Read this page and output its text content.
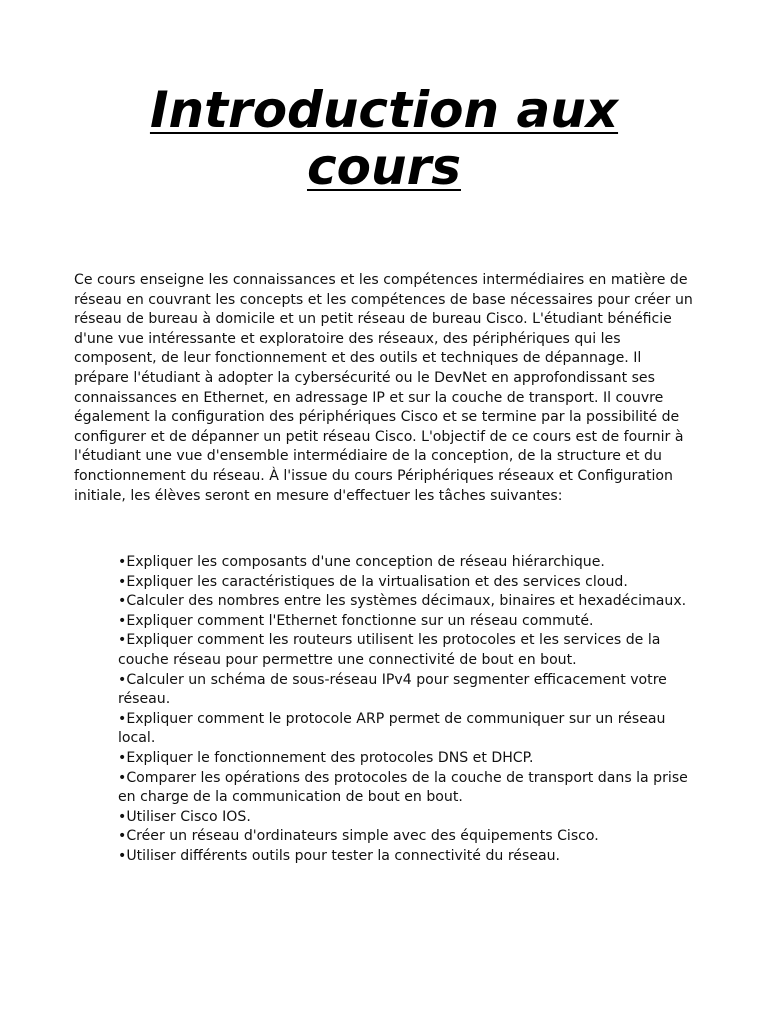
Introduction aux cours

Ce cours enseigne les connaissances et les compétences intermédiaires en matière de réseau en couvrant les concepts et les compétences de base nécessaires pour créer un réseau de bureau à domicile et un petit réseau de bureau Cisco. L'étudiant bénéficie d'une vue intéressante et exploratoire des réseaux, des périphériques qui les composent, de leur fonctionnement et des outils et techniques de dépannage. Il prépare l'étudiant à adopter la cybersécurité ou le DevNet en approfondissant ses connaissances en Ethernet, en adressage IP et sur la couche de transport. Il couvre également la configuration des périphériques Cisco et se termine par la possibilité de configurer et de dépanner un petit réseau Cisco. L'objectif de ce cours est de fournir à l'étudiant une vue d'ensemble intermédiaire de la conception, de la structure et du fonctionnement du réseau. À l'issue du cours Périphériques réseaux et Configuration initiale, les élèves seront en mesure d'effectuer les tâches suivantes:

•Expliquer les composants d'une conception de réseau hiérarchique.
•Expliquer les caractéristiques de la virtualisation et des services cloud.
•Calculer des nombres entre les systèmes décimaux, binaires et hexadécimaux.
•Expliquer comment l'Ethernet fonctionne sur un réseau commuté.
•Expliquer comment les routeurs utilisent les protocoles et les services de la couche réseau pour permettre une connectivité de bout en bout.
•Calculer un schéma de sous-réseau IPv4 pour segmenter efficacement votre réseau.
•Expliquer comment le protocole ARP permet de communiquer sur un réseau local.
•Expliquer le fonctionnement des protocoles DNS et DHCP.
•Comparer les opérations des protocoles de la couche de transport dans la prise en charge de la communication de bout en bout.
•Utiliser Cisco IOS.
•Créer un réseau d'ordinateurs simple avec des équipements Cisco.
•Utiliser différents outils pour tester la connectivité du réseau.
